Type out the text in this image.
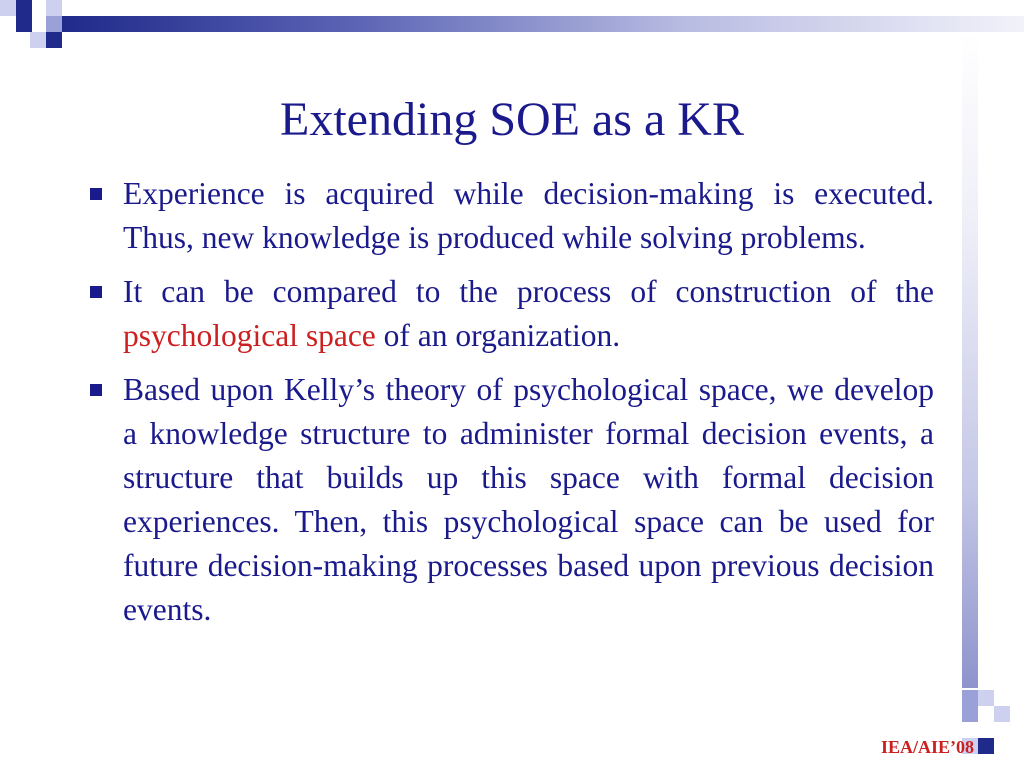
Extending SOE as a KR
Experience is acquired while decision-making is executed. Thus, new knowledge is produced while solving problems.
It can be compared to the process of construction of the psychological space of an organization.
Based upon Kelly’s theory of psychological space, we develop a knowledge structure to administer formal decision events, a structure that builds up this space with formal decision experiences. Then, this psychological space can be used for future decision-making processes based upon previous decision events.
IEA/AIE’08
